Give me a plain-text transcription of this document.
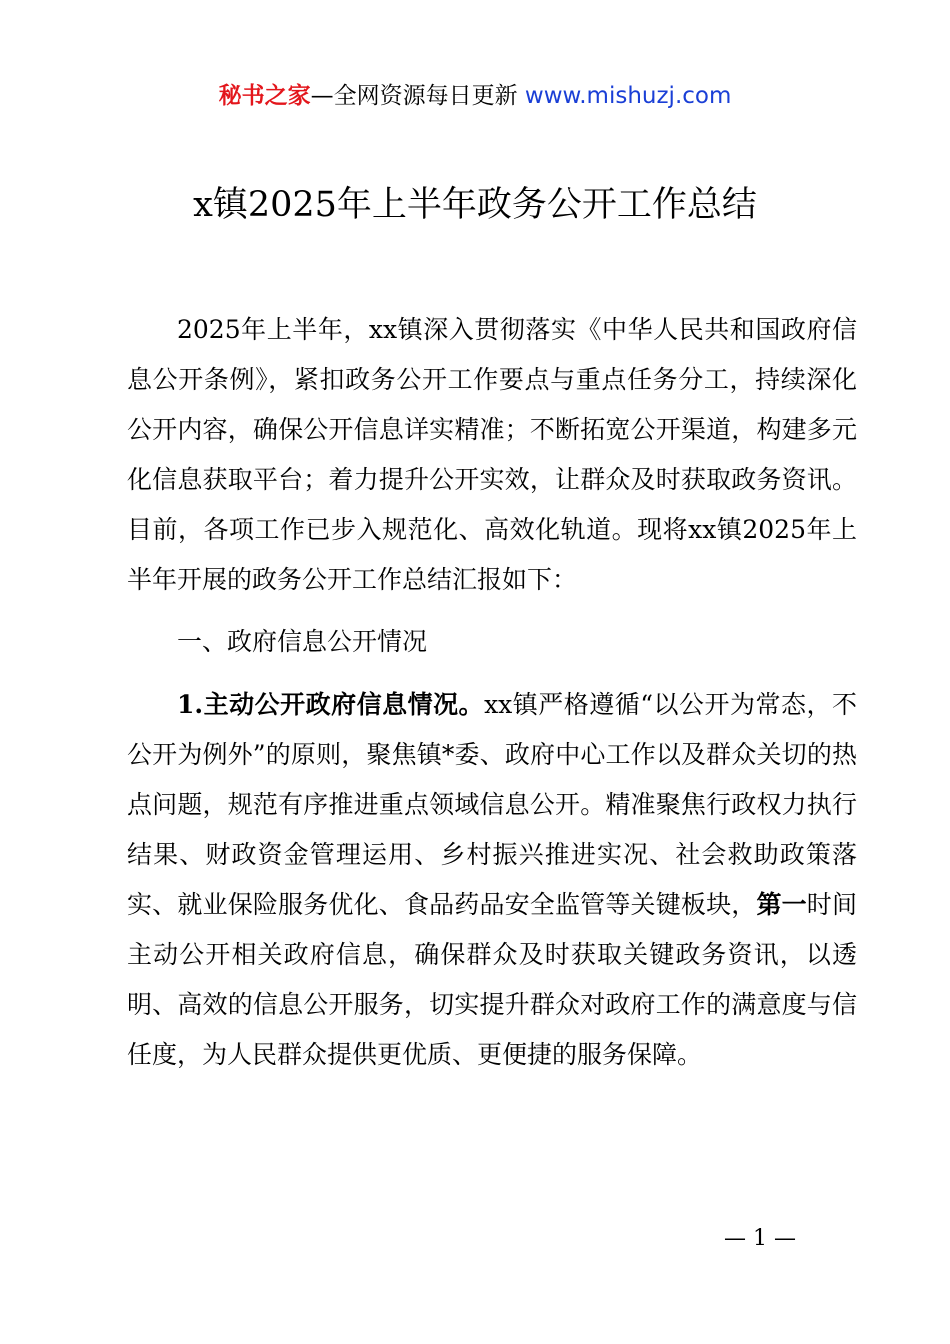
秘书之家—全网资源每日更新 www.mishuzj.com
x镇2025年上半年政务公开工作总结

2025年上半年，xx镇深入贯彻落实《中华人民共和国政府信息公开条例》，紧扣政务公开工作要点与重点任务分工，持续深化公开内容，确保公开信息详实精准；不断拓宽公开渠道，构建多元化信息获取平台；着力提升公开实效，让群众及时获取政务资讯。目前，各项工作已步入规范化、高效化轨道。现将xx镇2025年上半年开展的政务公开工作总结汇报如下：

一、政府信息公开情况

1.主动公开政府信息情况。xx镇严格遵循“以公开为常态，不公开为例外”的原则，聚焦镇*委、政府中心工作以及群众关切的热点问题，规范有序推进重点领域信息公开。精准聚焦行政权力执行结果、财政资金管理运用、乡村振兴推进实况、社会救助政策落实、就业保险服务优化、食品药品安全监管等关键板块，第一时间主动公开相关政府信息，确保群众及时获取关键政务资讯，以透明、高效的信息公开服务，切实提升群众对政府工作的满意度与信任度，为人民群众提供更优质、更便捷的服务保障。

— 1 —
